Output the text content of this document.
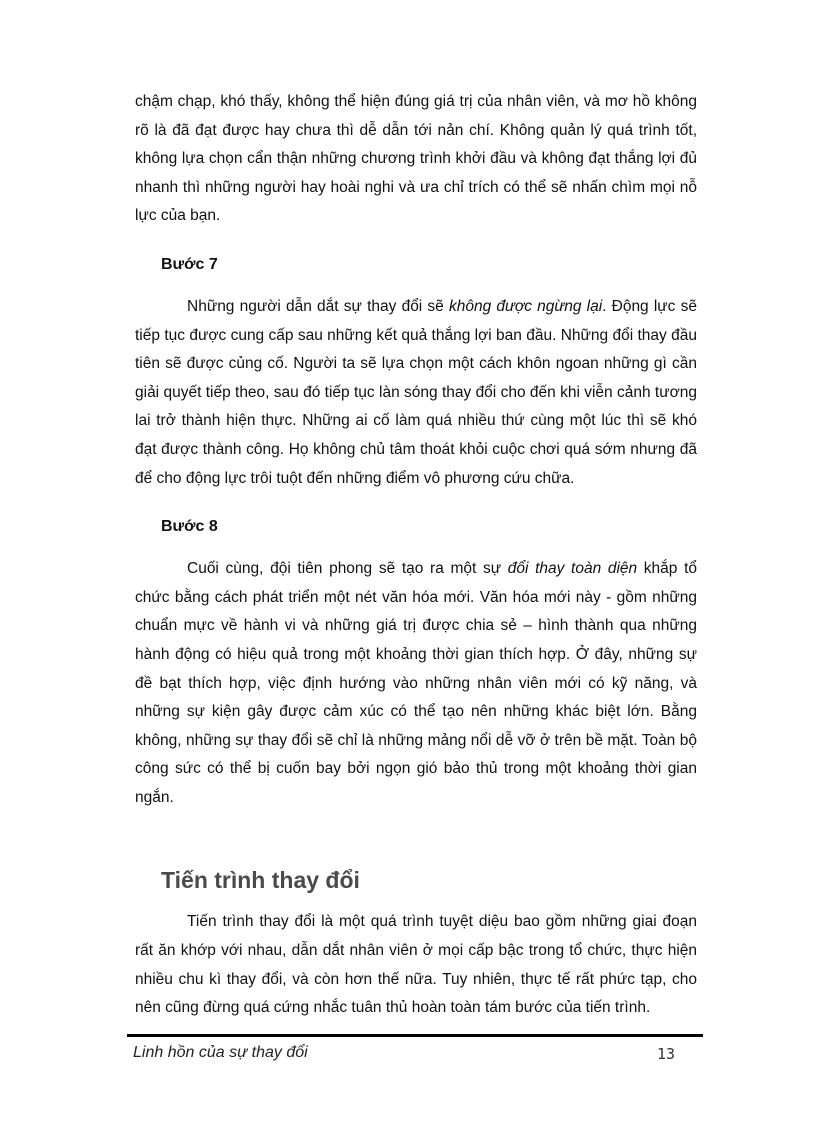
chậm chạp, khó thấy, không thể hiện đúng giá trị của nhân viên, và mơ hồ không rõ là đã đạt được hay chưa thì dễ dẫn tới nản chí. Không quản lý quá trình tốt, không lựa chọn cẩn thận những chương trình khởi đầu và không đạt thắng lợi đủ nhanh thì những người hay hoài nghi và ưa chỉ trích có thể sẽ nhấn chìm mọi nỗ lực của bạn.

Bước 7

Những người dẫn dắt sự thay đổi sẽ không được ngừng lại. Động lực sẽ tiếp tục được cung cấp sau những kết quả thắng lợi ban đầu. Những đổi thay đầu tiên sẽ được củng cố. Người ta sẽ lựa chọn một cách khôn ngoan những gì cần giải quyết tiếp theo, sau đó tiếp tục làn sóng thay đổi cho đến khi viễn cảnh tương lai trở thành hiện thực. Những ai cố làm quá nhiều thứ cùng một lúc thì sẽ khó đạt được thành công. Họ không chủ tâm thoát khỏi cuộc chơi quá sớm nhưng đã để cho động lực trôi tuột đến những điểm vô phương cứu chữa.

Bước 8

Cuối cùng, đội tiên phong sẽ tạo ra một sự đổi thay toàn diện khắp tổ chức bằng cách phát triển một nét văn hóa mới. Văn hóa mới này - gồm những chuẩn mực về hành vi và những giá trị được chia sẻ – hình thành qua những hành động có hiệu quả trong một khoảng thời gian thích hợp. Ở đây, những sự đề bạt thích hợp, việc định hướng vào những nhân viên mới có kỹ năng, và những sự kiện gây được cảm xúc có thể tạo nên những khác biệt lớn. Bằng không, những sự thay đổi sẽ chỉ là những mảng nổi dễ vỡ ở trên bề mặt. Toàn bộ công sức có thể bị cuốn bay bởi ngọn gió bảo thủ trong một khoảng thời gian ngắn.

Tiến trình thay đổi

Tiến trình thay đổi là một quá trình tuyệt diệu bao gồm những giai đoạn rất ăn khớp với nhau, dẫn dắt nhân viên ở mọi cấp bậc trong tổ chức, thực hiện nhiều chu kì thay đổi, và còn hơn thế nữa. Tuy nhiên, thực tế rất phức tạp, cho nên cũng đừng quá cứng nhắc tuân thủ hoàn toàn tám bước của tiến trình.

Linh hồn của sự thay đổi	13
